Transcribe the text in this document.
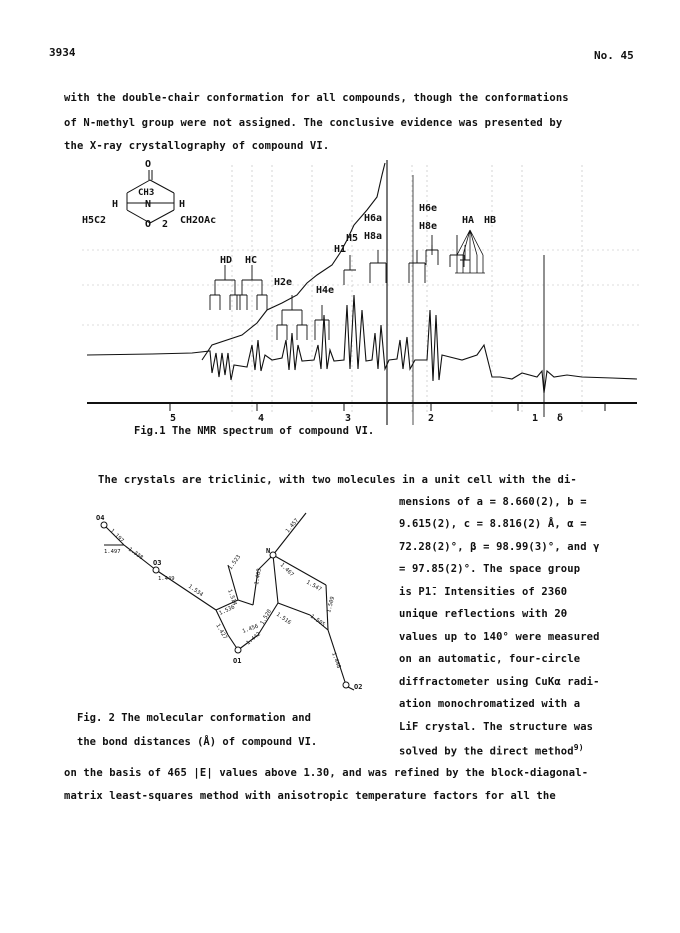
3934	No. 45
with the double-chair conformation for all compounds, though the conformations
of N-methyl group were not assigned. The conclusive evidence was presented by
the X-ray crystallography of compound VI.
5	4	3	2	1 δ
HD HC
H2e
H4e
H1
H5
H6a
H8a
H6e
H8e
HA HB
O
CH3
N
H	H
H5C2	O 2 CH2OAc
Fig.1 The NMR spectrum of compound VI.
The crystals are triclinic, with two molecules in a unit cell with the di-
mensions of a = 8.660(2), b =
9.615(2), c = 8.816(2) Å, α =
72.28(2)°, β = 98.99(3)°, and γ
= 97.85(2)°. The space group
is P1̄. Intensities of 2360
unique reflections with 2θ
values up to 140° were measured
on an automatic, four-circle
diffractometer using CuKα radi-
ation monochromatized with a
LiF crystal. The structure was
solved by the direct method$^{9)}$
O4
O3
O1
N
O2
1.197
1.497 1.338
1.449
1.534
1.427
1.536
1.514
1.523
1.442
1.456
1.463	1.467
1.520 1.516
1.547
1.505
1.509
1.448
1.457
Fig. 2 The molecular conformation and
the bond distances (Å) of compound VI.
on the basis of 465 |E| values above 1.30, and was refined by the block-diagonal-
matrix least-squares method with anisotropic temperature factors for all the
